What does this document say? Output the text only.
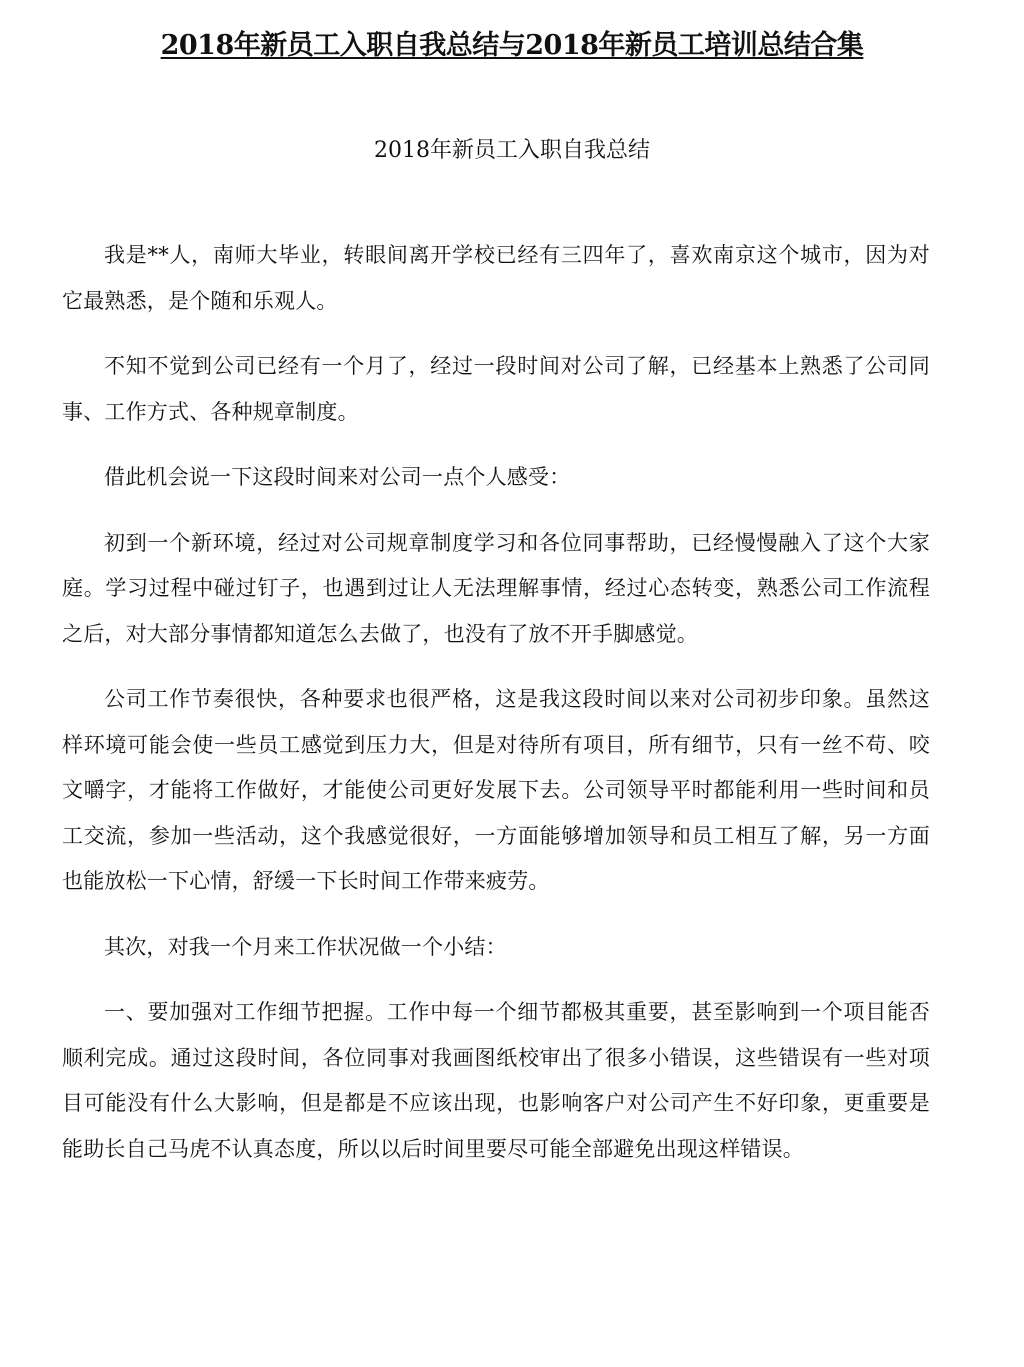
2018年新员工入职自我总结与2018年新员工培训总结合集
2018年新员工入职自我总结

我是**人，南师大毕业，转眼间离开学校已经有三四年了，喜欢南京这个城市，因为对它最熟悉，是个随和乐观人。

不知不觉到公司已经有一个月了，经过一段时间对公司了解，已经基本上熟悉了公司同事、工作方式、各种规章制度。

借此机会说一下这段时间来对公司一点个人感受：

初到一个新环境，经过对公司规章制度学习和各位同事帮助，已经慢慢融入了这个大家庭。学习过程中碰过钉子，也遇到过让人无法理解事情，经过心态转变，熟悉公司工作流程之后，对大部分事情都知道怎么去做了，也没有了放不开手脚感觉。

公司工作节奏很快，各种要求也很严格，这是我这段时间以来对公司初步印象。虽然这样环境可能会使一些员工感觉到压力大，但是对待所有项目，所有细节，只有一丝不苟、咬文嚼字，才能将工作做好，才能使公司更好发展下去。公司领导平时都能利用一些时间和员工交流，参加一些活动，这个我感觉很好，一方面能够增加领导和员工相互了解，另一方面也能放松一下心情，舒缓一下长时间工作带来疲劳。

其次，对我一个月来工作状况做一个小结：

一、要加强对工作细节把握。工作中每一个细节都极其重要，甚至影响到一个项目能否顺利完成。通过这段时间，各位同事对我画图纸校审出了很多小错误，这些错误有一些对项目可能没有什么大影响，但是都是不应该出现，也影响客户对公司产生不好印象，更重要是能助长自己马虎不认真态度，所以以后时间里要尽可能全部避免出现这样错误。
